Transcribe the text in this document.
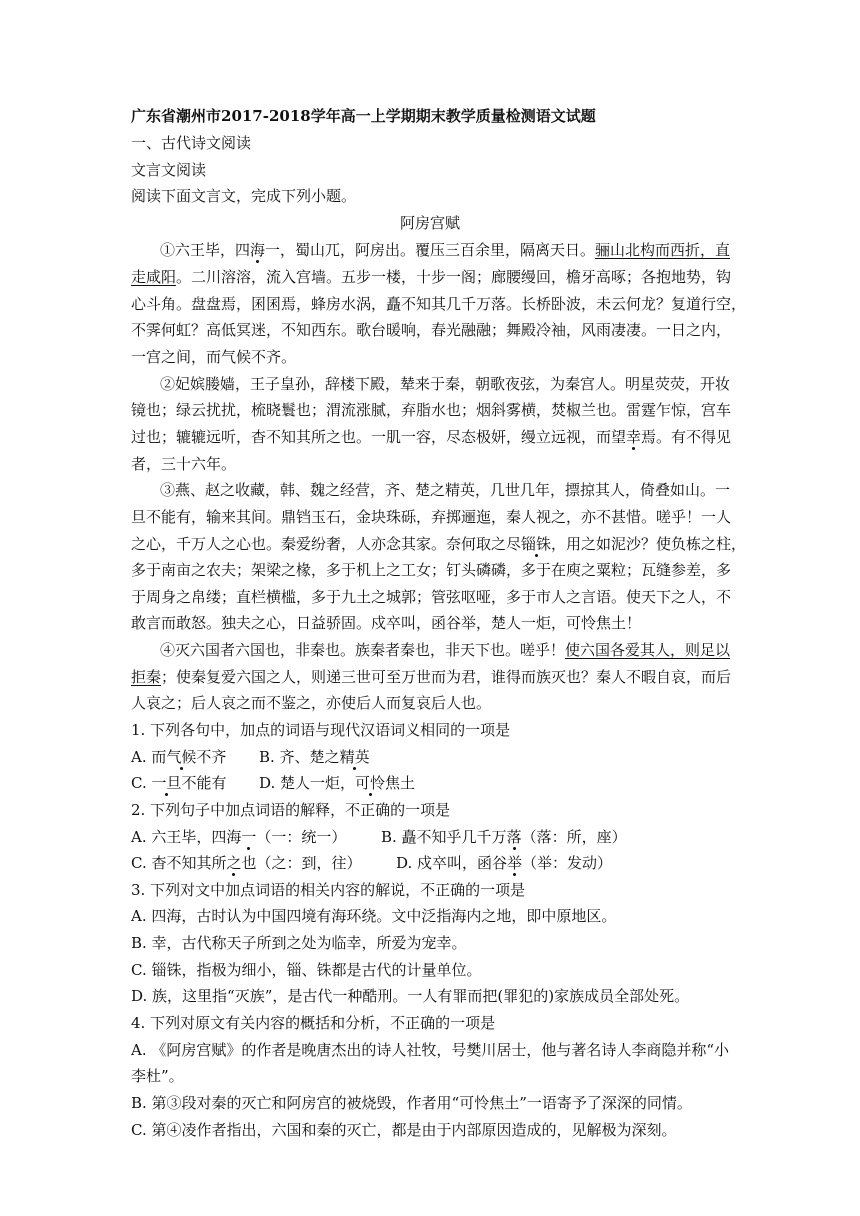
广东省潮州市2017-2018学年高一上学期期末教学质量检测语文试题
一、古代诗文阅读
文言文阅读
阅读下面文言文，完成下列小题。
阿房宫赋
①六王毕，四海一，蜀山兀，阿房出。覆压三百余里，隔离天日。骊山北构而西折，直
走咸阳。二川溶溶，流入宫墙。五步一楼，十步一阁；廊腰缦回，檐牙高啄；各抱地势，钩
心斗角。盘盘焉，囷囷焉，蜂房水涡，矗不知其几千万落。长桥卧波，未云何龙？复道行空，
不霁何虹？高低冥迷，不知西东。歌台暖响，春光融融；舞殿冷袖，风雨凄凄。一日之内，
一宫之间，而气候不齐。
②妃嫔媵嫱，王子皇孙，辞楼下殿，辇来于秦，朝歌夜弦，为秦宫人。明星荧荧，开妆
镜也；绿云扰扰，梳晓鬟也；渭流涨腻，弃脂水也；烟斜雾横，焚椒兰也。雷霆乍惊，宫车
过也；辘辘远听，杳不知其所之也。一肌一容，尽态极妍，缦立远视，而望幸焉。有不得见
者，三十六年。
③燕、赵之收藏，韩、魏之经营，齐、楚之精英，几世几年，摽掠其人，倚叠如山。一
旦不能有，输来其间。鼎铛玉石，金块珠砾，弃掷逦迤，秦人视之，亦不甚惜。嗟乎！一人
之心，千万人之心也。秦爱纷奢，人亦念其家。奈何取之尽锱铢，用之如泥沙？使负栋之柱，
多于南亩之农夫；架梁之椽，多于机上之工女；钉头磷磷，多于在庾之粟粒；瓦缝参差，多
于周身之帛缕；直栏横槛，多于九土之城郭；管弦呕哑，多于市人之言语。使天下之人，不
敢言而敢怒。独夫之心，日益骄固。戍卒叫，函谷举，楚人一炬，可怜焦土！
④灭六国者六国也，非秦也。族秦者秦也，非天下也。嗟乎！使六国各爱其人，则足以
拒秦；使秦复爱六国之人，则递三世可至万世而为君，谁得而族灭也？秦人不暇自哀，而后
人哀之；后人哀之而不鉴之，亦使后人而复哀后人也。
1. 下列各句中，加点的词语与现代汉语词义相同的一项是
A. 而气候不齐 B. 齐、楚之精英
C. 一旦不能有 D. 楚人一炬，可怜焦土
2. 下列句子中加点词语的解释，不正确的一项是
A. 六王毕，四海一（一：统一） B. 矗不知乎几千万落（落：所，座）
C. 杳不知其所之也（之：到，往） D. 戍卒叫，函谷举（举：发动）
3. 下列对文中加点词语的相关内容的解说，不正确的一项是
A. 四海，古时认为中国四境有海环绕。文中泛指海内之地，即中原地区。
B. 幸，古代称天子所到之处为临幸，所爱为宠幸。
C. 锱铢，指极为细小，锱、铢都是古代的计量单位。
D. 族，这里指“灭族”，是古代一种酷刑。一人有罪而把(罪犯的)家族成员全部处死。
4. 下列对原文有关内容的概括和分析，不正确的一项是
A. 《阿房宫赋》的作者是晚唐杰出的诗人社牧，号樊川居士，他与著名诗人李商隐并称“小
李杜”。
B. 第③段对秦的灭亡和阿房宫的被烧毁，作者用“可怜焦土”一语寄予了深深的同情。
C. 第④凌作者指出，六国和秦的灭亡，都是由于内部原因造成的，见解极为深刻。
